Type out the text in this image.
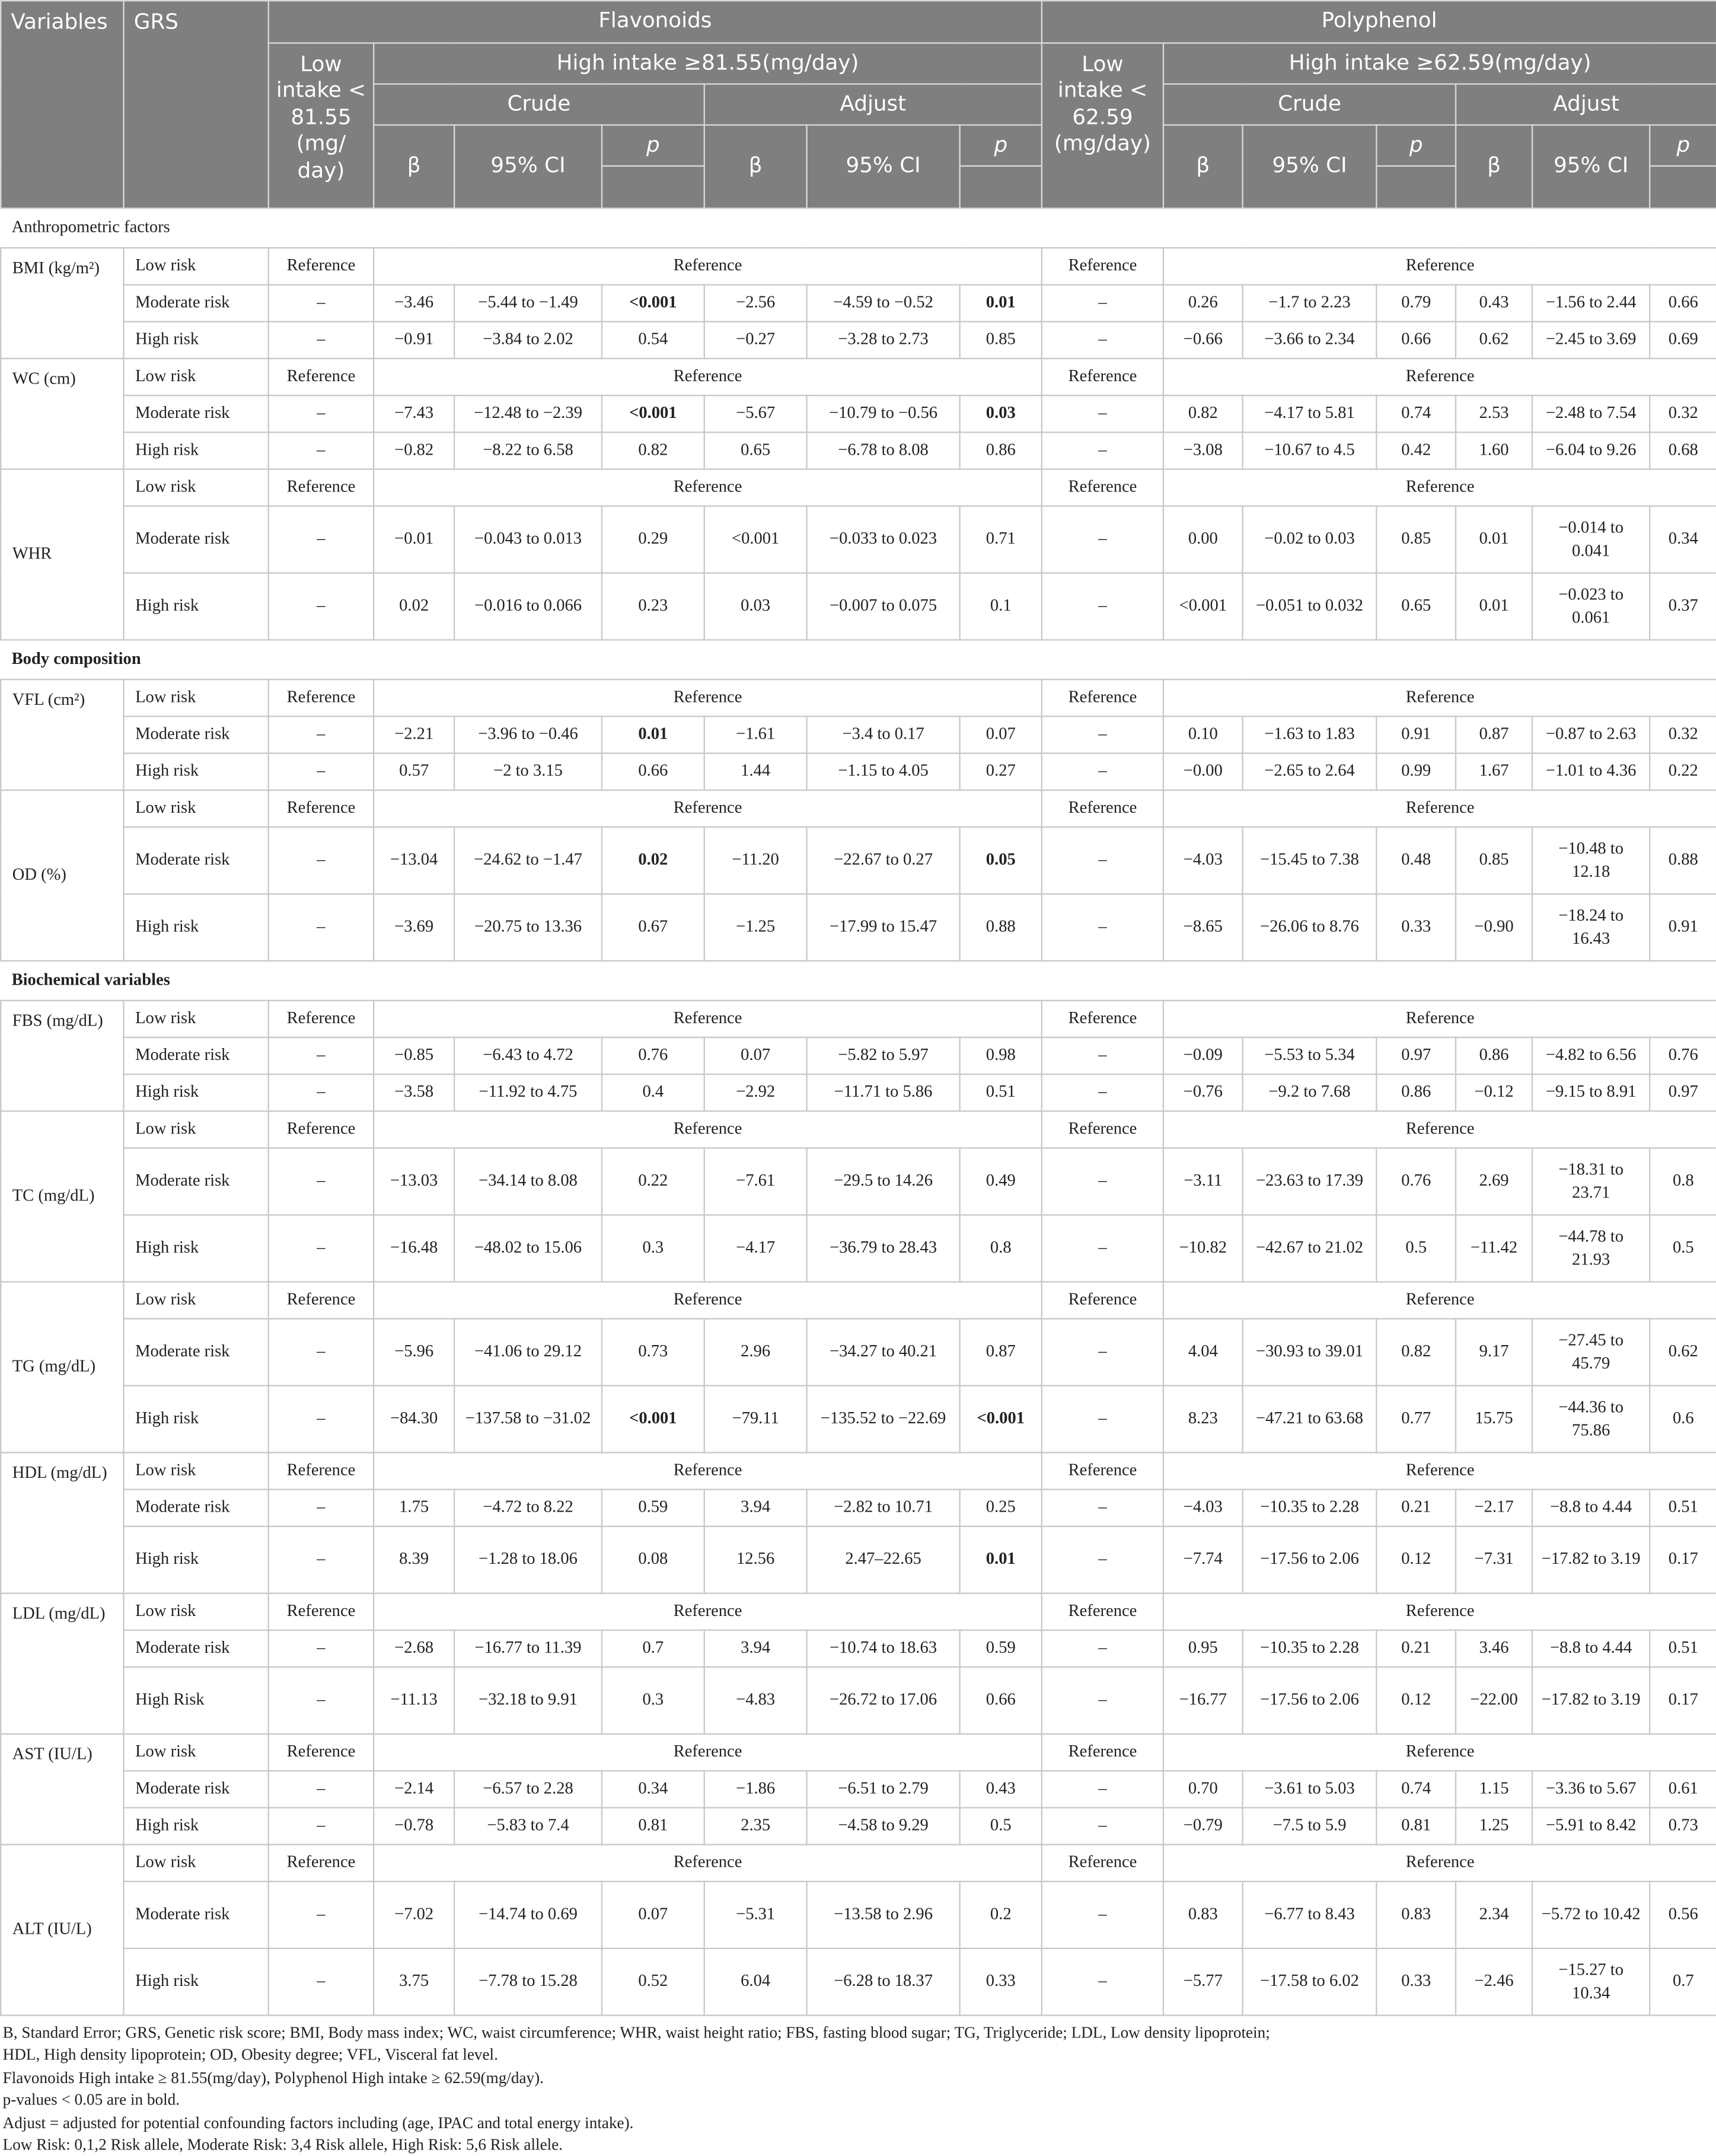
Variables	GRS	Flavonoids							Polyphenol						
		Low intake < 81.55 (mg/ day)	High intake ≥81.55(mg/day)						Low intake < 62.59 (mg/day)	High intake ≥62.59(mg/day)					
			Crude			Adjust				Crude			Adjust		
			β	95% CI	p	β	95% CI	p		β	95% CI	p	β	95% CI	p

Anthropometric factors															
BMI (kg/m²)	Low risk	Reference	Reference						Reference	Reference					
	Moderate risk	–	−3.46	−5.44 to −1.49	<0.001	−2.56	−4.59 to −0.52	0.01	–	0.26	−1.7 to 2.23	0.79	0.43	−1.56 to 2.44	0.66
	High risk	–	−0.91	−3.84 to 2.02	0.54	−0.27	−3.28 to 2.73	0.85	–	−0.66	−3.66 to 2.34	0.66	0.62	−2.45 to 3.69	0.69
WC (cm)	Low risk	Reference	Reference						Reference	Reference					
	Moderate risk	–	−7.43	−12.48 to −2.39	<0.001	−5.67	−10.79 to −0.56	0.03	–	0.82	−4.17 to 5.81	0.74	2.53	−2.48 to 7.54	0.32
	High risk	–	−0.82	−8.22 to 6.58	0.82	0.65	−6.78 to 8.08	0.86	–	−3.08	−10.67 to 4.5	0.42	1.60	−6.04 to 9.26	0.68
WHR	Low risk	Reference	Reference						Reference	Reference					
	Moderate risk	–	−0.01	−0.043 to 0.013	0.29	<0.001	−0.033 to 0.023	0.71	–	0.00	−0.02 to 0.03	0.85	0.01	−0.014 to 0.041	0.34
	High risk	–	0.02	−0.016 to 0.066	0.23	0.03	−0.007 to 0.075	0.1	–	<0.001	−0.051 to 0.032	0.65	0.01	−0.023 to 0.061	0.37
Body composition															
VFL (cm²)	Low risk	Reference	Reference						Reference	Reference					
	Moderate risk	–	−2.21	−3.96 to −0.46	0.01	−1.61	−3.4 to 0.17	0.07	–	0.10	−1.63 to 1.83	0.91	0.87	−0.87 to 2.63	0.32
	High risk	–	0.57	−2 to 3.15	0.66	1.44	−1.15 to 4.05	0.27	–	−0.00	−2.65 to 2.64	0.99	1.67	−1.01 to 4.36	0.22
OD (%)	Low risk	Reference	Reference						Reference	Reference					
	Moderate risk	–	−13.04	−24.62 to −1.47	0.02	−11.20	−22.67 to 0.27	0.05	–	−4.03	−15.45 to 7.38	0.48	0.85	−10.48 to 12.18	0.88
	High risk	–	−3.69	−20.75 to 13.36	0.67	−1.25	−17.99 to 15.47	0.88	–	−8.65	−26.06 to 8.76	0.33	−0.90	−18.24 to 16.43	0.91
Biochemical variables															
FBS (mg/dL)	Low risk	Reference	Reference						Reference	Reference					
	Moderate risk	–	−0.85	−6.43 to 4.72	0.76	0.07	−5.82 to 5.97	0.98	–	−0.09	−5.53 to 5.34	0.97	0.86	−4.82 to 6.56	0.76
	High risk	–	−3.58	−11.92 to 4.75	0.4	−2.92	−11.71 to 5.86	0.51	–	−0.76	−9.2 to 7.68	0.86	−0.12	−9.15 to 8.91	0.97
TC (mg/dL)	Low risk	Reference	Reference						Reference	Reference					
	Moderate risk	–	−13.03	−34.14 to 8.08	0.22	−7.61	−29.5 to 14.26	0.49	–	−3.11	−23.63 to 17.39	0.76	2.69	−18.31 to 23.71	0.8
	High risk	–	−16.48	−48.02 to 15.06	0.3	−4.17	−36.79 to 28.43	0.8	–	−10.82	−42.67 to 21.02	0.5	−11.42	−44.78 to 21.93	0.5
TG (mg/dL)	Low risk	Reference	Reference						Reference	Reference					
	Moderate risk	–	−5.96	−41.06 to 29.12	0.73	2.96	−34.27 to 40.21	0.87	–	4.04	−30.93 to 39.01	0.82	9.17	−27.45 to 45.79	0.62
	High risk	–	−84.30	−137.58 to −31.02	<0.001	−79.11	−135.52 to −22.69	<0.001	–	8.23	−47.21 to 63.68	0.77	15.75	−44.36 to 75.86	0.6
HDL (mg/dL)	Low risk	Reference	Reference						Reference	Reference					
	Moderate risk	–	1.75	−4.72 to 8.22	0.59	3.94	−2.82 to 10.71	0.25	–	−4.03	−10.35 to 2.28	0.21	−2.17	−8.8 to 4.44	0.51
	High risk	–	8.39	−1.28 to 18.06	0.08	12.56	2.47–22.65	0.01	–	−7.74	−17.56 to 2.06	0.12	−7.31	−17.82 to 3.19	0.17
LDL (mg/dL)	Low risk	Reference	Reference						Reference	Reference					
	Moderate risk	–	−2.68	−16.77 to 11.39	0.7	3.94	−10.74 to 18.63	0.59	–	0.95	−10.35 to 2.28	0.21	3.46	−8.8 to 4.44	0.51
	High Risk	–	−11.13	−32.18 to 9.91	0.3	−4.83	−26.72 to 17.06	0.66	–	−16.77	−17.56 to 2.06	0.12	−22.00	−17.82 to 3.19	0.17
AST (IU/L)	Low risk	Reference	Reference						Reference	Reference					
	Moderate risk	–	−2.14	−6.57 to 2.28	0.34	−1.86	−6.51 to 2.79	0.43	–	0.70	−3.61 to 5.03	0.74	1.15	−3.36 to 5.67	0.61
	High risk	–	−0.78	−5.83 to 7.4	0.81	2.35	−4.58 to 9.29	0.5	–	−0.79	−7.5 to 5.9	0.81	1.25	−5.91 to 8.42	0.73
ALT (IU/L)	Low risk	Reference	Reference						Reference	Reference					
	Moderate risk	–	−7.02	−14.74 to 0.69	0.07	−5.31	−13.58 to 2.96	0.2	–	0.83	−6.77 to 8.43	0.83	2.34	−5.72 to 10.42	0.56
	High risk	–	3.75	−7.78 to 15.28	0.52	6.04	−6.28 to 18.37	0.33	–	−5.77	−17.58 to 6.02	0.33	−2.46	−15.27 to 10.34	0.7
B, Standard Error; GRS, Genetic risk score; BMI, Body mass index; WC, waist circumference; WHR, waist height ratio; FBS, fasting blood sugar; TG, Triglyceride; LDL, Low density lipoprotein;
HDL, High density lipoprotein; OD, Obesity degree; VFL, Visceral fat level.
Flavonoids High intake ≥ 81.55(mg/day), Polyphenol High intake ≥ 62.59(mg/day).
p-values < 0.05 are in bold.
Adjust = adjusted for potential confounding factors including (age, IPAC and total energy intake).
Low Risk: 0,1,2 Risk allele, Moderate Risk: 3,4 Risk allele, High Risk: 5,6 Risk allele.
